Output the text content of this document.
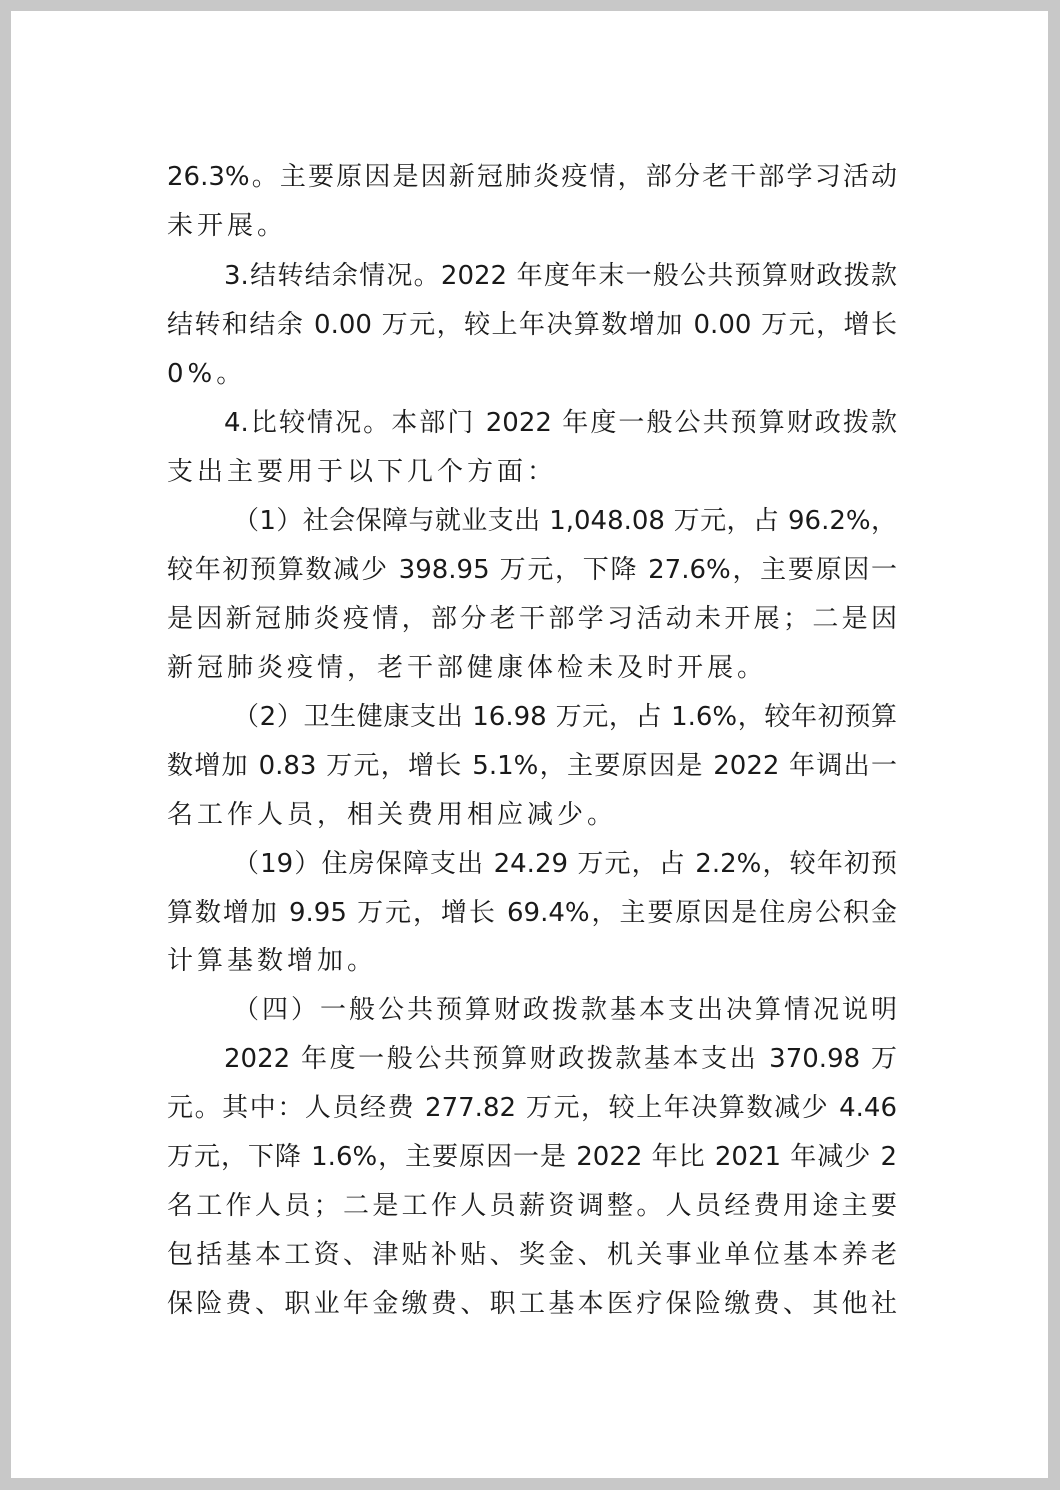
26.3%。主要原因是因新冠肺炎疫情，部分老干部学习活动
未开展。
3.结转结余情况。2022 年度年末一般公共预算财政拨款
结转和结余 0.00 万元，较上年决算数增加 0.00 万元，增长
0%。
4.比较情况。本部门 2022 年度一般公共预算财政拨款
支出主要用于以下几个方面：
（1）社会保障与就业支出 1,048.08 万元，占 96.2%，
较年初预算数减少 398.95 万元，下降 27.6%，主要原因一
是因新冠肺炎疫情，部分老干部学习活动未开展；二是因
新冠肺炎疫情，老干部健康体检未及时开展。
（2）卫生健康支出 16.98 万元，占 1.6%，较年初预算
数增加 0.83 万元，增长 5.1%，主要原因是 2022 年调出一
名工作人员，相关费用相应减少。
（19）住房保障支出 24.29 万元，占 2.2%，较年初预
算数增加 9.95 万元，增长 69.4%，主要原因是住房公积金
计算基数增加。
（四）一般公共预算财政拨款基本支出决算情况说明
2022 年度一般公共预算财政拨款基本支出 370.98 万
元。其中：人员经费 277.82 万元，较上年决算数减少 4.46
万元，下降 1.6%，主要原因一是 2022 年比 2021 年减少 2
名工作人员；二是工作人员薪资调整。人员经费用途主要
包括基本工资、津贴补贴、奖金、机关事业单位基本养老
保险费、职业年金缴费、职工基本医疗保险缴费、其他社
